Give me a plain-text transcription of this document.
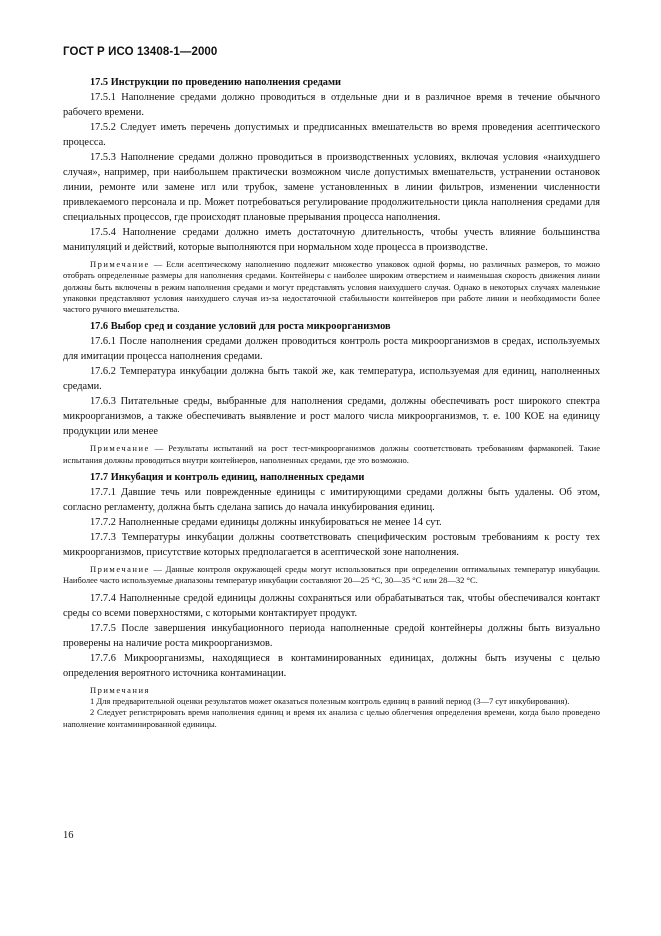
ГОСТ Р ИСО 13408-1—2000

17.5 Инструкции по проведению наполнения средами

17.5.1 Наполнение средами должно проводиться в отдельные дни и в различное время в течение обычного рабочего времени.

17.5.2 Следует иметь перечень допустимых и предписанных вмешательств во время проведения асептического процесса.

17.5.3 Наполнение средами должно проводиться в производственных условиях, включая условия «наихудшего случая», например, при наибольшем практически возможном числе допустимых вмешательств, устранении остановок линии, ремонте или замене игл или трубок, замене установленных в линии фильтров, изменении численности привлекаемого персонала и пр. Может потребоваться регулирование продолжительности цикла наполнения средами для специальных процессов, где происходят плановые прерывания процесса наполнения.

17.5.4 Наполнение средами должно иметь достаточную длительность, чтобы учесть влияние большинства манипуляций и действий, которые выполняются при нормальном ходе процесса в производстве.

Примечание — Если асептическому наполнению подлежит множество упаковок одной формы, но различных размеров, то можно отобрать определенные размеры для наполнения средами. Контейнеры с наиболее широким отверстием и наименьшая скорость движения линии должны быть включены в режим наполнения средами и могут представлять условия наихудшего случая. Однако в некоторых случаях маленькие упаковки представляют условия наихудшего случая из-за недостаточной стабильности контейнеров при работе линии и необходимости более частого ручного вмешательства.

17.6 Выбор сред и создание условий для роста микроорганизмов

17.6.1 После наполнения средами должен проводиться контроль роста микроорганизмов в средах, используемых для имитации процесса наполнения средами.

17.6.2 Температура инкубации должна быть такой же, как температура, используемая для единиц, наполненных средами.

17.6.3 Питательные среды, выбранные для наполнения средами, должны обеспечивать рост широкого спектра микроорганизмов, а также обеспечивать выявление и рост малого числа микроорганизмов, т. е. 100 КОЕ на единицу продукции или менее

Примечание — Результаты испытаний на рост тест-микроорганизмов должны соответствовать требованиям фармакопей. Такие испытания должны проводиться внутри контейнеров, наполненных средами, где это возможно.

17.7 Инкубация и контроль единиц, наполненных средами

17.7.1 Давшие течь или поврежденные единицы с имитирующими средами должны быть удалены. Об этом, согласно регламенту, должна быть сделана запись до начала инкубирования единиц.

17.7.2 Наполненные средами единицы должны инкубироваться не менее 14 сут.

17.7.3 Температуры инкубации должны соответствовать специфическим ростовым требованиям к росту тех микроорганизмов, присутствие которых предполагается в асептической зоне наполнения.

Примечание — Данные контроля окружающей среды могут использоваться при определении оптимальных температур инкубации. Наиболее часто используемые диапазоны температур инкубации составляют 20—25 °С, 30—35 °С или 28—32 °С.

17.7.4 Наполненные средой единицы должны сохраняться или обрабатываться так, чтобы обеспечивался контакт среды со всеми поверхностями, с которыми контактирует продукт.

17.7.5 После завершения инкубационного периода наполненные средой контейнеры должны быть визуально проверены на наличие роста микроорганизмов.

17.7.6 Микроорганизмы, находящиеся в контаминированных единицах, должны быть изучены с целью определения вероятного источника контаминации.

Примечания

1 Для предварительной оценки результатов может оказаться полезным контроль единиц в ранний период (3—7 сут инкубирования).

2 Следует регистрировать время наполнения единиц и время их анализа с целью облегчения определения времени, когда было проведено наполнение контаминированной единицы.

16
